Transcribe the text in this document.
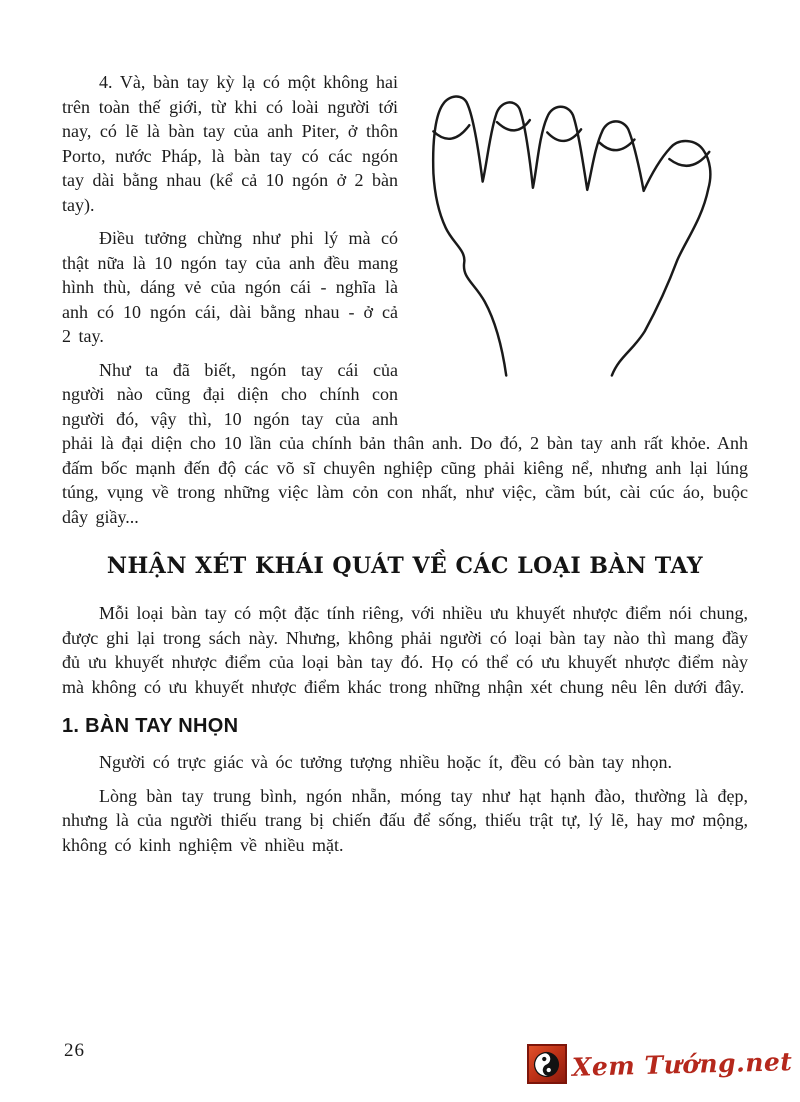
4. Và, bàn tay kỳ lạ có một không hai trên toàn thế giới, từ khi có loài người tới nay, có lẽ là bàn tay của anh Piter, ở thôn Porto, nước Pháp, là bàn tay có các ngón tay dài bằng nhau (kể cả 10 ngón ở 2 bàn tay).

Điều tưởng chừng như phi lý mà có thật nữa là 10 ngón tay của anh đều mang hình thù, dáng vẻ của ngón cái - nghĩa là anh có 10 ngón cái, dài bằng nhau - ở cả 2 tay.

Như ta đã biết, ngón tay cái của người nào cũng đại diện cho chính con người đó, vậy thì, 10 ngón tay của anh phải là đại diện cho 10 lần của chính bản thân anh. Do đó, 2 bàn tay anh rất khỏe. Anh đấm bốc mạnh đến độ các võ sĩ chuyên nghiệp cũng phải kiêng nể, nhưng anh lại lúng túng, vụng về trong những việc làm cỏn con nhất, như việc, cầm bút, cài cúc áo, buộc dây giầy...

NHẬN XÉT KHÁI QUÁT VỀ CÁC LOẠI BÀN TAY

Mỗi loại bàn tay có một đặc tính riêng, với nhiều ưu khuyết nhược điểm nói chung, được ghi lại trong sách này. Nhưng, không phải người có loại bàn tay nào thì mang đầy đủ ưu khuyết nhược điểm của loại bàn tay đó. Họ có thể có ưu khuyết nhược điểm này mà không có ưu khuyết nhược điểm khác trong những nhận xét chung nêu lên dưới đây.

1. BÀN TAY NHỌN

Người có trực giác và óc tưởng tượng nhiều hoặc ít, đều có bàn tay nhọn.

Lòng bàn tay trung bình, ngón nhẵn, móng tay như hạt hạnh đào, thường là đẹp, nhưng là của người thiếu trang bị chiến đấu để sống, thiếu trật tự, lý lẽ, hay mơ mộng, không có kinh nghiệm về nhiều mặt.

26	Xem Tướng.net
